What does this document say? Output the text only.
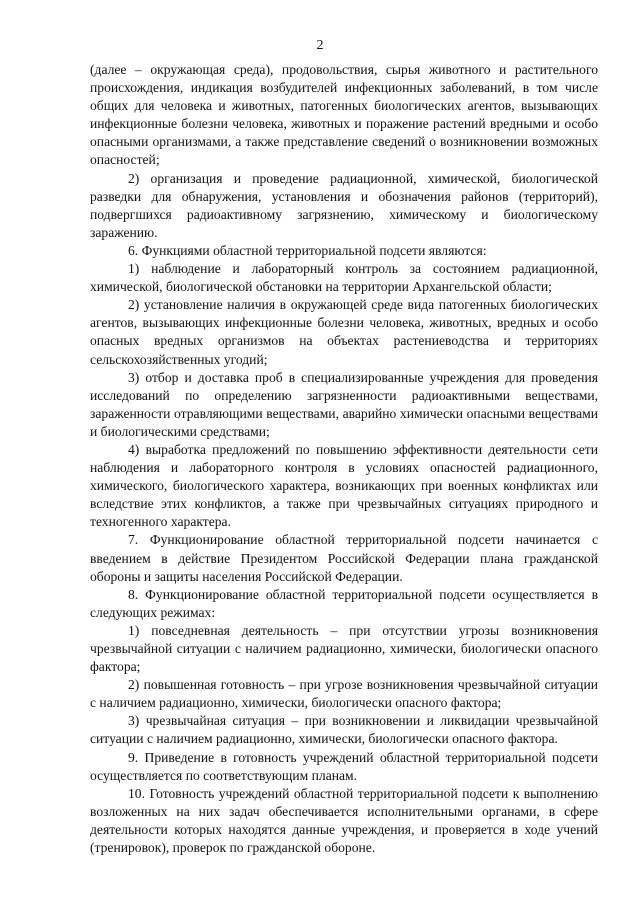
2

(далее – окружающая среда), продовольствия, сырья животного и растительного происхождения, индикация возбудителей инфекционных заболеваний, в том числе общих для человека и животных, патогенных биологических агентов, вызывающих инфекционные болезни человека, животных и поражение растений вредными и особо опасными организмами, а также представление сведений о возникновении возможных опасностей;

2) организация и проведение радиационной, химической, биологической разведки для обнаружения, установления и обозначения районов (территорий), подвергшихся радиоактивному загрязнению, химическому и биологическому заражению.

6. Функциями областной территориальной подсети являются:

1) наблюдение и лабораторный контроль за состоянием радиационной, химической, биологической обстановки на территории Архангельской области;

2) установление наличия в окружающей среде вида патогенных биологических агентов, вызывающих инфекционные болезни человека, животных, вредных и особо опасных вредных организмов на объектах растениеводства и территориях сельскохозяйственных угодий;

3) отбор и доставка проб в специализированные учреждения для проведения исследований по определению загрязненности радиоактивными веществами, зараженности отравляющими веществами, аварийно химически опасными веществами и биологическими средствами;

4) выработка предложений по повышению эффективности деятельности сети наблюдения и лабораторного контроля в условиях опасностей радиационного, химического, биологического характера, возникающих при военных конфликтах или вследствие этих конфликтов, а также при чрезвычайных ситуациях природного и техногенного характера.

7. Функционирование областной территориальной подсети начинается с введением в действие Президентом Российской Федерации плана гражданской обороны и защиты населения Российской Федерации.

8. Функционирование областной территориальной подсети осуществляется в следующих режимах:

1) повседневная деятельность – при отсутствии угрозы возникновения чрезвычайной ситуации с наличием радиационно, химически, биологически опасного фактора;

2) повышенная готовность – при угрозе возникновения чрезвычайной ситуации с наличием радиационно, химически, биологически опасного фактора;

3) чрезвычайная ситуация – при возникновении и ликвидации чрезвычайной ситуации с наличием радиационно, химически, биологически опасного фактора.

9. Приведение в готовность учреждений областной территориальной подсети осуществляется по соответствующим планам.

10. Готовность учреждений областной территориальной подсети к выполнению возложенных на них задач обеспечивается исполнительными органами, в сфере деятельности которых находятся данные учреждения, и проверяется в ходе учений (тренировок), проверок по гражданской обороне.
